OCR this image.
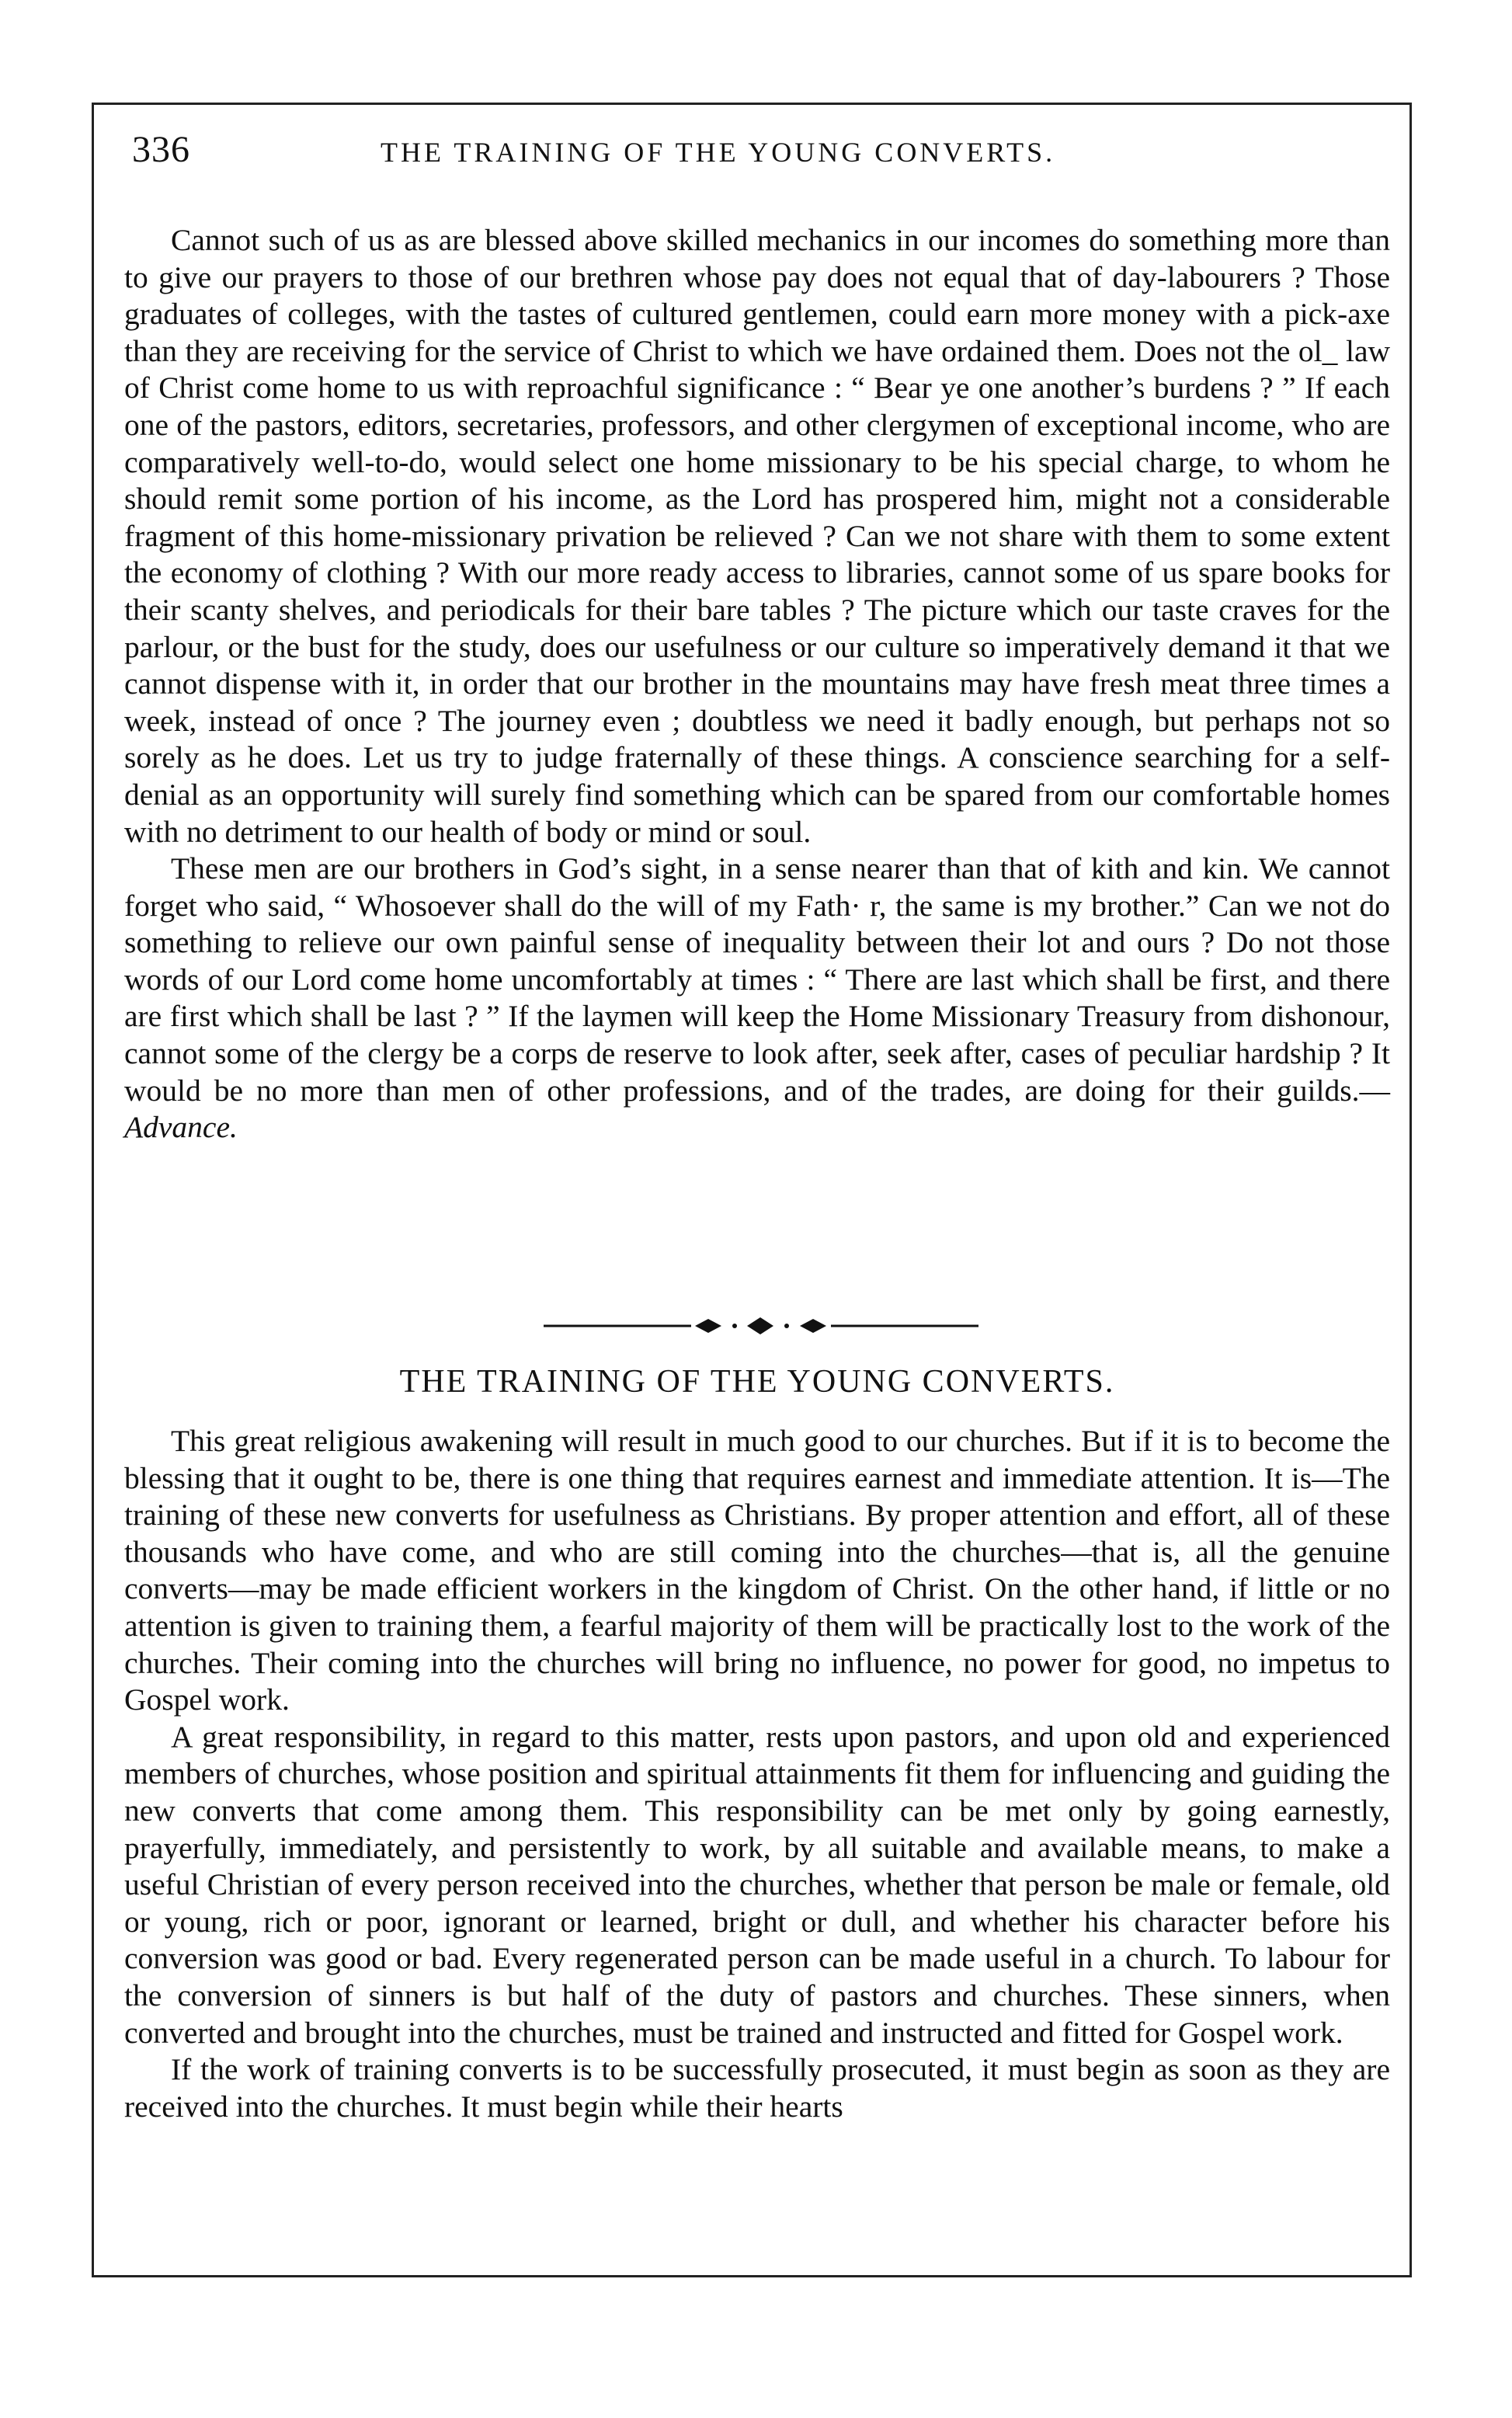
336	THE TRAINING OF THE YOUNG CONVERTS.

Cannot such of us as are blessed above skilled mechanics in our incomes do something more than to give our prayers to those of our brethren whose pay does not equal that of day-labourers ? Those graduates of colleges, with the tastes of cultured gentlemen, could earn more money with a pick-axe than they are receiving for the service of Christ to which we have ordained them. Does not the ol_ law of Christ come home to us with reproachful significance : “ Bear ye one another’s burdens ? ” If each one of the pastors, editors, secretaries, professors, and other clergymen of exceptional income, who are comparatively well-to-do, would select one home missionary to be his special charge, to whom he should remit some portion of his income, as the Lord has prospered him, might not a considerable fragment of this home-missionary privation be relieved ? Can we not share with them to some extent the economy of clothing ? With our more ready access to libraries, cannot some of us spare books for their scanty shelves, and periodicals for their bare tables ? The picture which our taste craves for the parlour, or the bust for the study, does our usefulness or our culture so imperatively demand it that we cannot dispense with it, in order that our brother in the mountains may have fresh meat three times a week, instead of once ? The journey even ; doubtless we need it badly enough, but perhaps not so sorely as he does. Let us try to judge fraternally of these things. A conscience searching for a self-denial as an opportunity will surely find something which can be spared from our comfortable homes with no detriment to our health of body or mind or soul.

These men are our brothers in God’s sight, in a sense nearer than that of kith and kin. We cannot forget who said, “ Whosoever shall do the will of my Fath· r, the same is my brother.” Can we not do something to relieve our own painful sense of inequality between their lot and ours ? Do not those words of our Lord come home uncomfortably at times : “ There are last which shall be first, and there are first which shall be last ? ” If the laymen will keep the Home Missionary Treasury from dishonour, cannot some of the clergy be a corps de reserve to look after, seek after, cases of peculiar hardship ? It would be no more than men of other professions, and of the trades, are doing for their guilds.—Advance.

THE TRAINING OF THE YOUNG CONVERTS.

This great religious awakening will result in much good to our churches. But if it is to become the blessing that it ought to be, there is one thing that requires earnest and immediate attention. It is—The training of these new converts for usefulness as Christians. By proper attention and effort, all of these thousands who have come, and who are still coming into the churches—that is, all the genuine converts—may be made efficient workers in the kingdom of Christ. On the other hand, if little or no attention is given to training them, a fearful majority of them will be practically lost to the work of the churches. Their coming into the churches will bring no influence, no power for good, no impetus to Gospel work.

A great responsibility, in regard to this matter, rests upon pastors, and upon old and experienced members of churches, whose position and spiritual attainments fit them for influencing and guiding the new converts that come among them. This responsibility can be met only by going earnestly, prayerfully, immediately, and persistently to work, by all suitable and available means, to make a useful Christian of every person received into the churches, whether that person be male or female, old or young, rich or poor, ignorant or learned, bright or dull, and whether his character before his conversion was good or bad. Every regenerated person can be made useful in a church. To labour for the conversion of sinners is but half of the duty of pastors and churches. These sinners, when converted and brought into the churches, must be trained and instructed and fitted for Gospel work.

If the work of training converts is to be successfully prosecuted, it must begin as soon as they are received into the churches. It must begin while their hearts
